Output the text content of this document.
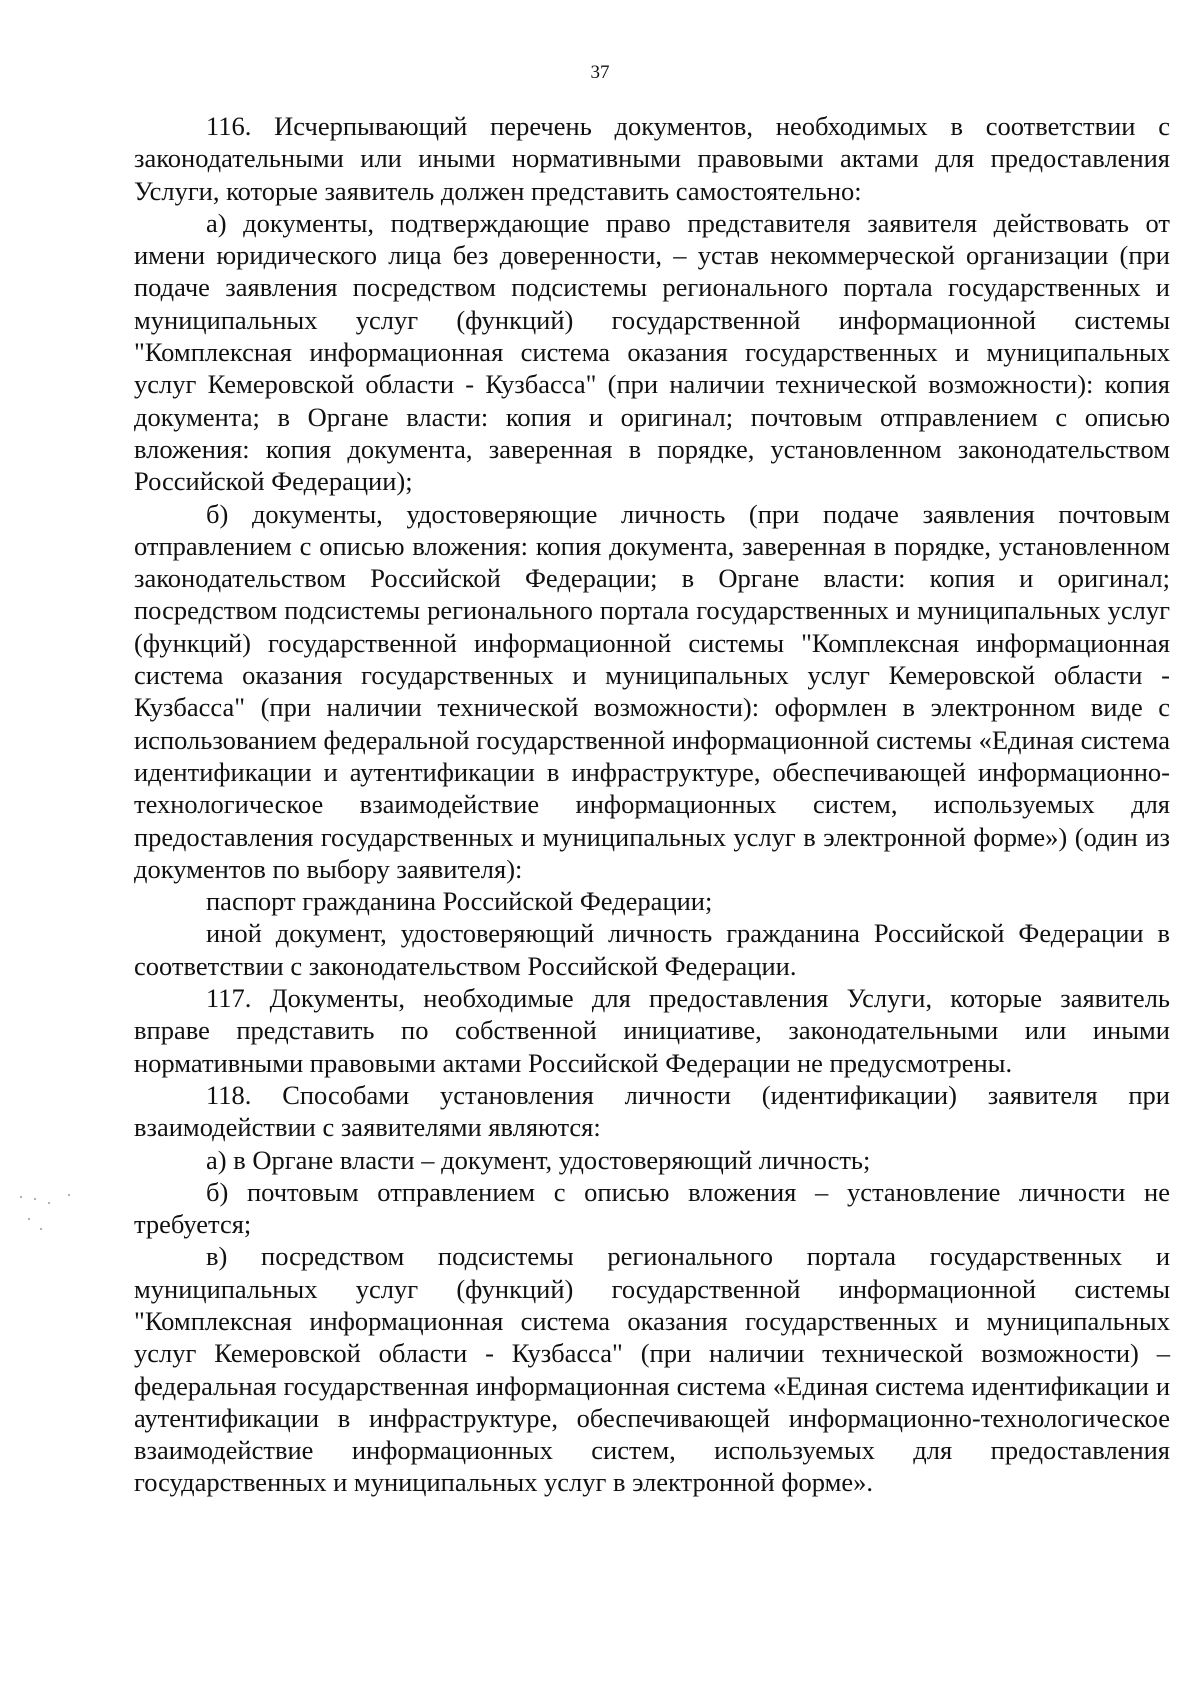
37

116. Исчерпывающий перечень документов, необходимых в соответствии с законодательными или иными нормативными правовыми актами для предоставления Услуги, которые заявитель должен представить самостоятельно:

а) документы, подтверждающие право представителя заявителя действовать от имени юридического лица без доверенности, – устав некоммерческой организации (при подаче заявления посредством подсистемы регионального портала государственных и муниципальных услуг (функций) государственной информационной системы "Комплексная информационная система оказания государственных и муниципальных услуг Кемеровской области - Кузбасса" (при наличии технической возможности): копия документа; в Органе власти: копия и оригинал; почтовым отправлением с описью вложения: копия документа, заверенная в порядке, установленном законодательством Российской Федерации);

б) документы, удостоверяющие личность (при подаче заявления почтовым отправлением с описью вложения: копия документа, заверенная в порядке, установленном законодательством Российской Федерации; в Органе власти: копия и оригинал; посредством подсистемы регионального портала государственных и муниципальных услуг (функций) государственной информационной системы "Комплексная информационная система оказания государственных и муниципальных услуг Кемеровской области - Кузбасса" (при наличии технической возможности): оформлен в электронном виде с использованием федеральной государственной информационной системы «Единая система идентификации и аутентификации в инфраструктуре, обеспечивающей информационно-технологическое взаимодействие информационных систем, используемых для предоставления государственных и муниципальных услуг в электронной форме») (один из документов по выбору заявителя):

паспорт гражданина Российской Федерации;

иной документ, удостоверяющий личность гражданина Российской Федерации в соответствии с законодательством Российской Федерации.

117. Документы, необходимые для предоставления Услуги, которые заявитель вправе представить по собственной инициативе, законодательными или иными нормативными правовыми актами Российской Федерации не предусмотрены.

118. Способами установления личности (идентификации) заявителя при взаимодействии с заявителями являются:

а) в Органе власти – документ, удостоверяющий личность;

б) почтовым отправлением с описью вложения – установление личности не требуется;

в) посредством подсистемы регионального портала государственных и муниципальных услуг (функций) государственной информационной системы "Комплексная информационная система оказания государственных и муниципальных услуг Кемеровской области - Кузбасса" (при наличии технической возможности) – федеральная государственная информационная система «Единая система идентификации и аутентификации в инфраструктуре, обеспечивающей информационно-технологическое взаимодействие информационных систем, используемых для предоставления государственных и муниципальных услуг в электронной форме».
